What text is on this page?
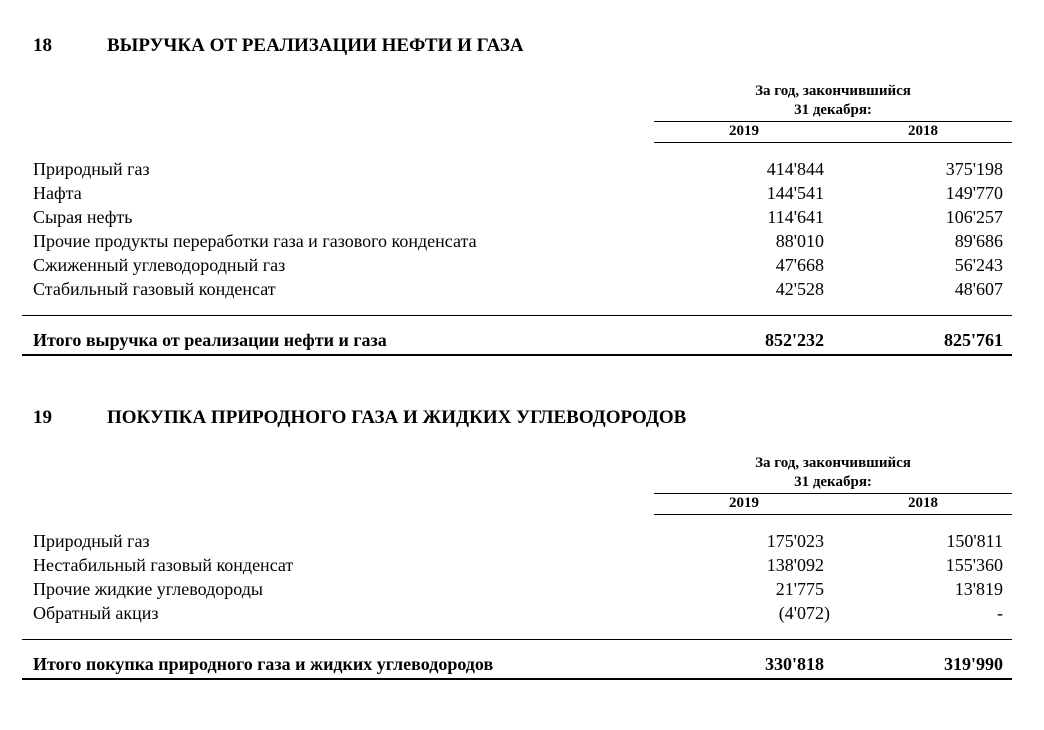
18	ВЫРУЧКА ОТ РЕАЛИЗАЦИИ НЕФТИ И ГАЗА
За год, закончившийся
31 декабря:
2019	2018
Природный газ	414'844	375'198
Нафта	144'541	149'770
Сырая нефть	114'641	106'257
Прочие продукты переработки газа и газового конденсата	88'010	89'686
Сжиженный углеводородный газ	47'668	56'243
Стабильный газовый конденсат	42'528	48'607
Итого выручка от реализации нефти и газа	852'232	825'761
19	ПОКУПКА ПРИРОДНОГО ГАЗА И ЖИДКИХ УГЛЕВОДОРОДОВ
За год, закончившийся
31 декабря:
2019	2018
Природный газ	175'023	150'811
Нестабильный газовый конденсат	138'092	155'360
Прочие жидкие углеводороды	21'775	13'819
Обратный акциз	(4'072)	-
Итого покупка природного газа и жидких углеводородов	330'818	319'990
